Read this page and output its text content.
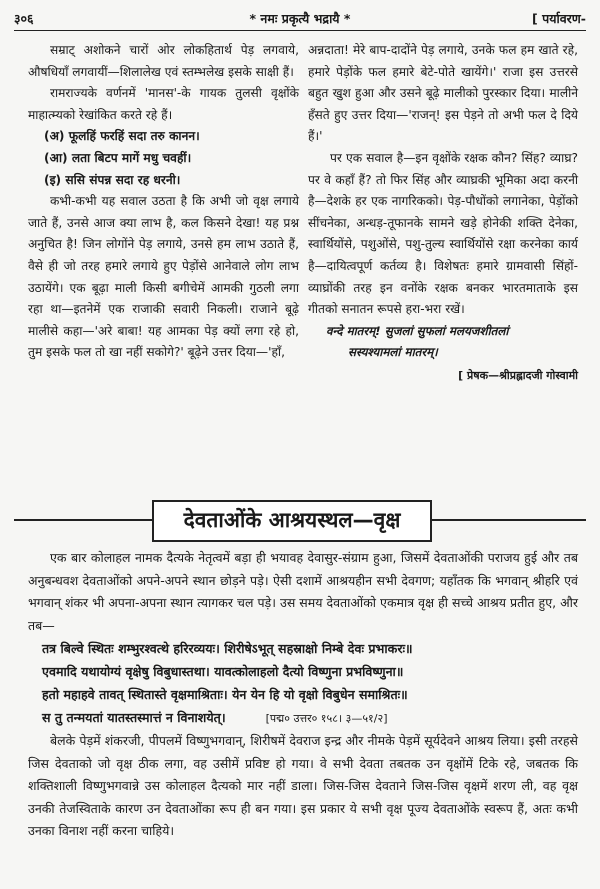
३०६	* नमः प्रकृत्यै भद्रायै *	[ पर्यावरण-

सम्राट् अशोकने चारों ओर लोकहितार्थ पेड़ लगवाये, औषधियाँ लगवायीं—शिलालेख एवं स्तम्भलेख इसके साक्षी हैं।

रामराज्यके वर्णनमें 'मानस'-के गायक तुलसी वृक्षोंके माहात्म्यको रेखांकित करते रहे हैं।

(अ) फूलहिं फरहिं सदा तरु कानन।
(आ) लता बिटप मागें मधु चवहीं।
(इ) ससि संपन्न सदा रह धरनी।

कभी-कभी यह सवाल उठता है कि अभी जो वृक्ष लगाये जाते हैं, उनसे आज क्या लाभ है, कल किसने देखा! यह प्रश्न अनुचित है! जिन लोगोंने पेड़ लगाये, उनसे हम लाभ उठाते हैं, वैसे ही जो तरह हमारे लगाये हुए पेड़ोंसे आनेवाले लोग लाभ उठायेंगे। एक बूढ़ा माली किसी बगीचेमें आमकी गुठली लगा रहा था—इतनेमें एक राजाकी सवारी निकली। राजाने बूढ़े मालीसे कहा—'अरे बाबा! यह आमका पेड़ क्यों लगा रहे हो, तुम इसके फल तो खा नहीं सकोगे?' बूढ़ेने उत्तर दिया—'हाँ,

अन्नदाता! मेरे बाप-दादोंने पेड़ लगाये, उनके फल हम खाते रहे, हमारे पेड़ोंके फल हमारे बेटे-पोते खायेंगे।' राजा इस उत्तरसे बहुत खुश हुआ और उसने बूढ़े मालीको पुरस्कार दिया। मालीने हँसते हुए उत्तर दिया—'राजन्! इस पेड़ने तो अभी फल दे दिये हैं।'

पर एक सवाल है—इन वृक्षोंके रक्षक कौन? सिंह? व्याघ्र? पर वे कहाँ हैं? तो फिर सिंह और व्याघ्रकी भूमिका अदा करनी है—देशके हर एक नागरिकको। पेड़-पौधोंको लगानेका, पेड़ोंको सींचनेका, अन्धड़-तूफानके सामने खड़े होनेकी शक्ति देनेका, स्वार्थियोंसे, पशुओंसे, पशु-तुल्य स्वार्थियोंसे रक्षा करनेका कार्य है—दायित्वपूर्ण कर्तव्य है। विशेषतः हमारे ग्रामवासी सिंहों-व्याघ्रोंकी तरह इन वनोंके रक्षक बनकर भारतमाताके इस गीतको सनातन रूपसे हरा-भरा रखें।

वन्दे मातरम्! सुजलां सुफलां मलयजशीतलां
सस्यश्यामलां मातरम्।
[ प्रेषक—श्रीप्रह्लादजी गोस्वामी
देवताओंके आश्रयस्थल—वृक्ष

एक बार कोलाहल नामक दैत्यके नेतृत्वमें बड़ा ही भयावह देवासुर-संग्राम हुआ, जिसमें देवताओंकी पराजय हुई और तब अनुबन्धवश देवताओंको अपने-अपने स्थान छोड़ने पड़े। ऐसी दशामें आश्रयहीन सभी देवगण; यहाँतक कि भगवान् श्रीहरि एवं भगवान् शंकर भी अपना-अपना स्थान त्यागकर चल पड़े। उस समय देवताओंको एकमात्र वृक्ष ही सच्चे आश्रय प्रतीत हुए, और तब—

तत्र बिल्वे स्थितः शम्भुरश्वत्थे हरिरव्ययः। शिरीषेऽभूत् सहस्राक्षो निम्बे देवः प्रभाकरः॥
एवमादि यथायोग्यं वृक्षेषु विबुधास्तथा। यावत्कोलाहलो दैत्यो विष्णुना प्रभविष्णुना॥
हतो महाहवे तावत् स्थितास्ते वृक्षमाश्रिताः। येन येन हि यो वृक्षो विबुधेन समाश्रितः॥
स तु तन्मयतां यातस्तस्मात्तं न विनाशयेत्।	[पद्म० उत्तर० १५८। ३—५१/२]

बेलके पेड़में शंकरजी, पीपलमें विष्णुभगवान्, शिरीषमें देवराज इन्द्र और नीमके पेड़में सूर्यदेवने आश्रय लिया। इसी तरहसे जिस देवताको जो वृक्ष ठीक लगा, वह उसीमें प्रविष्ट हो गया। वे सभी देवता तबतक उन वृक्षोंमें टिके रहे, जबतक कि शक्तिशाली विष्णुभगवान्ने उस कोलाहल दैत्यको मार नहीं डाला। जिस-जिस देवताने जिस-जिस वृक्षमें शरण ली, वह वृक्ष उनकी तेजस्विताके कारण उन देवताओंका रूप ही बन गया। इस प्रकार ये सभी वृक्ष पूज्य देवताओंके स्वरूप हैं, अतः कभी उनका विनाश नहीं करना चाहिये।
